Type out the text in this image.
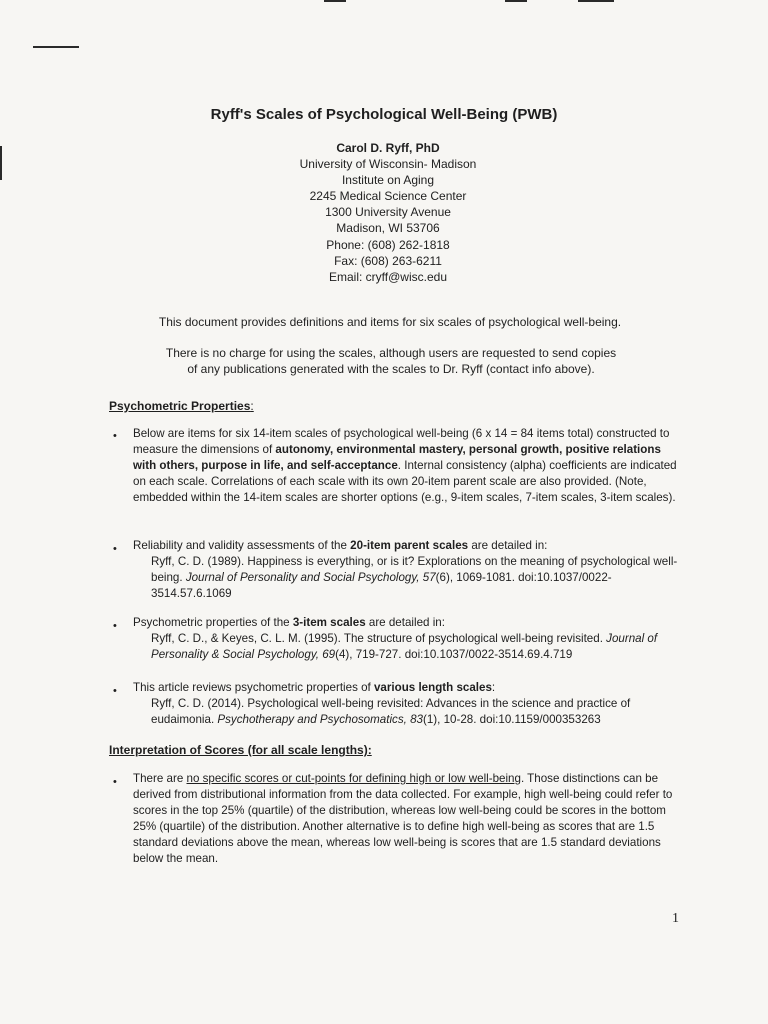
Ryff's Scales of Psychological Well-Being (PWB)
Carol D. Ryff, PhD
University of Wisconsin- Madison
Institute on Aging
2245 Medical Science Center
1300 University Avenue
Madison, WI 53706
Phone: (608) 262-1818
Fax: (608) 263-6211
Email: cryff@wisc.edu
This document provides definitions and items for six scales of psychological well-being.
There is no charge for using the scales, although users are requested to send copies
of any publications generated with the scales to Dr. Ryff (contact info above).
Psychometric Properties:
• Below are items for six 14-item scales of psychological well-being (6 x 14 = 84 items total) constructed to measure the dimensions of autonomy, environmental mastery, personal growth, positive relations with others, purpose in life, and self-acceptance. Internal consistency (alpha) coefficients are indicated on each scale. Correlations of each scale with its own 20-item parent scale are also provided. (Note, embedded within the 14-item scales are shorter options (e.g., 9-item scales, 7-item scales, 3-item scales).
• Reliability and validity assessments of the 20-item parent scales are detailed in:
Ryff, C. D. (1989). Happiness is everything, or is it? Explorations on the meaning of psychological well-being. Journal of Personality and Social Psychology, 57(6), 1069-1081. doi:10.1037/0022-3514.57.6.1069
• Psychometric properties of the 3-item scales are detailed in:
Ryff, C. D., & Keyes, C. L. M. (1995). The structure of psychological well-being revisited. Journal of Personality & Social Psychology, 69(4), 719-727. doi:10.1037/0022-3514.69.4.719
• This article reviews psychometric properties of various length scales:
Ryff, C. D. (2014). Psychological well-being revisited: Advances in the science and practice of eudaimonia. Psychotherapy and Psychosomatics, 83(1), 10-28. doi:10.1159/000353263
Interpretation of Scores (for all scale lengths):
• There are no specific scores or cut-points for defining high or low well-being. Those distinctions can be derived from distributional information from the data collected. For example, high well-being could refer to scores in the top 25% (quartile) of the distribution, whereas low well-being could be scores in the bottom 25% (quartile) of the distribution. Another alternative is to define high well-being as scores that are 1.5 standard deviations above the mean, whereas low well-being is scores that are 1.5 standard deviations below the mean.
1
